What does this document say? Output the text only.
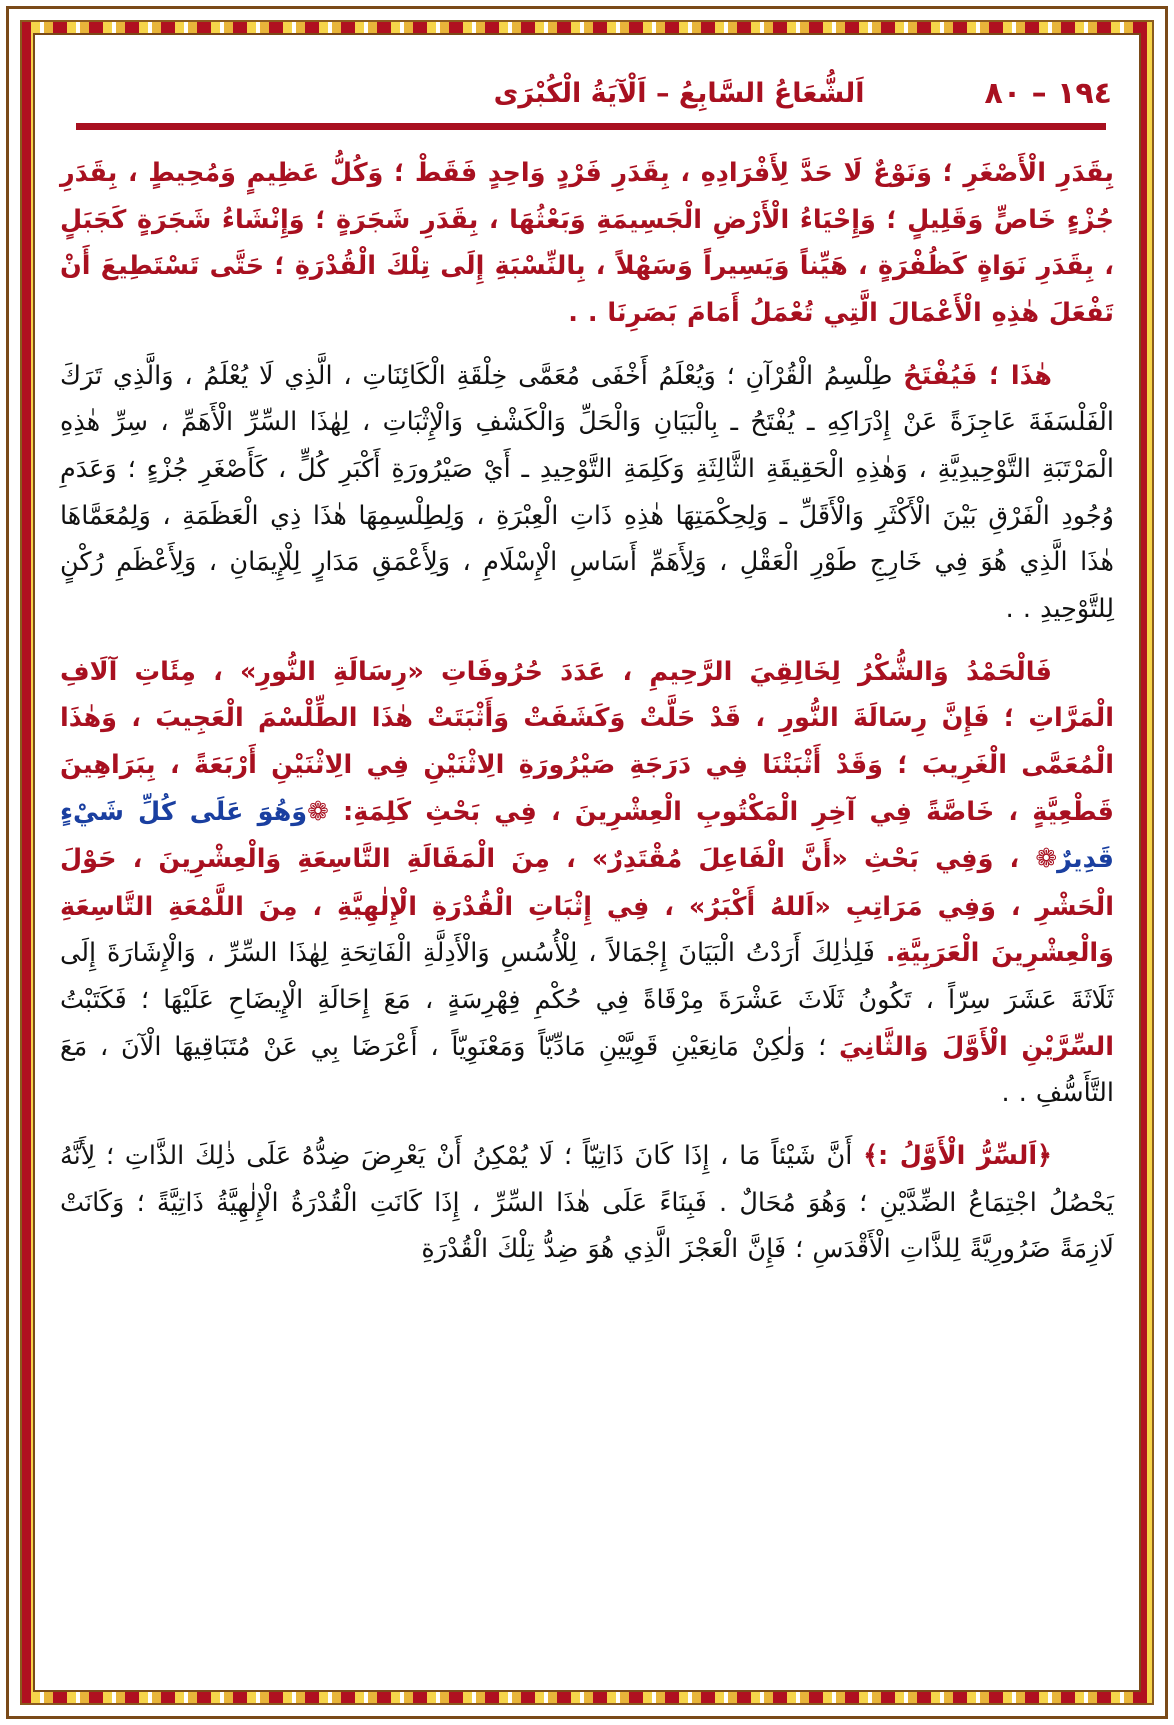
١٩٤ – ٨٠
اَلشُّعَاعُ السَّابِعُ – اَلْآيَةُ الْكُبْرَى

بِقَدَرِ الْأَصْغَرِ ؛ وَنَوْعٌ لَا حَدَّ لِأَفْرَادِهِ ، بِقَدَرِ فَرْدٍ وَاحِدٍ فَقَطْ ؛ وَكُلُّ عَظِيمٍ وَمُحِيطٍ ، بِقَدَرِ جُزْءٍ خَاصٍّ وَقَلِيلٍ ؛ وَإِحْيَاءُ الْأَرْضِ الْجَسِيمَةِ وَبَعْثُهَا ، بِقَدَرِ شَجَرَةٍ ؛ وَإِنْشَاءُ شَجَرَةٍ كَجَبَلٍ ، بِقَدَرِ نَوَاةٍ كَظُفْرَةٍ ، هَيِّناً وَيَسِيراً وَسَهْلاً ، بِالنِّسْبَةِ إِلَى تِلْكَ الْقُدْرَةِ ؛ حَتَّى تَسْتَطِيعَ أَنْ تَفْعَلَ هٰذِهِ الْأَعْمَالَ الَّتِي تُعْمَلُ أَمَامَ بَصَرِنَا . .

هٰذَا ؛ فَيُفْتَحُ طِلْسِمُ الْقُرْآنِ ؛ وَيُعْلَمُ أَخْفَى مُعَمَّى خِلْقَةِ الْكَائِنَاتِ ، الَّذِي لَا يُعْلَمُ ، وَالَّذِي تَرَكَ الْفَلْسَفَةَ عَاجِزَةً عَنْ إِدْرَاكِهِ ـ يُفْتَحُ ـ بِالْبَيَانِ وَالْحَلِّ وَالْكَشْفِ وَالْإِثْبَاتِ ، لِهٰذَا السِّرِّ الْأَهَمِّ ، سِرِّ هٰذِهِ الْمَرْتَبَةِ التَّوْحِيدِيَّةِ ، وَهٰذِهِ الْحَقِيقَةِ الثَّالِثَةِ وَكَلِمَةِ التَّوْحِيدِ ـ أَيْ صَيْرُورَةِ أَكْبَرِ كُلٍّ ، كَأَصْغَرِ جُزْءٍ ؛ وَعَدَمِ وُجُودِ الْفَرْقِ بَيْنَ الْأَكْثَرِ وَالْأَقَلِّ ـ وَلِحِكْمَتِهَا هٰذِهِ ذَاتِ الْعِبْرَةِ ، وَلِطِلْسِمِهَا هٰذَا ذِي الْعَظَمَةِ ، وَلِمُعَمَّاهَا هٰذَا الَّذِي هُوَ فِي خَارِجِ طَوْرِ الْعَقْلِ ، وَلِأَهَمِّ أَسَاسِ الْإِسْلَامِ ، وَلِأَعْمَقِ مَدَارٍ لِلْإِيمَانِ ، وَلِأَعْظَمِ رُكْنٍ لِلتَّوْحِيدِ . .

فَالْحَمْدُ وَالشُّكْرُ لِخَالِقِيَ الرَّحِيمِ ، عَدَدَ حُرُوفَاتِ «رِسَالَةِ النُّورِ» ، مِئَاتِ آلَافِ الْمَرَّاتِ ؛ فَإِنَّ رِسَالَةَ النُّورِ ، قَدْ حَلَّتْ وَكَشَفَتْ وَأَثْبَتَتْ هٰذَا الطِّلْسْمَ الْعَجِيبَ ، وَهٰذَا الْمُعَمَّى الْغَرِيبَ ؛ وَقَدْ أَثْبَتْنَا فِي دَرَجَةِ صَيْرُورَةِ الِاثْنَيْنِ فِي الِاثْنَيْنِ أَرْبَعَةً ، بِبَرَاهِينَ قَطْعِيَّةٍ ، خَاصَّةً فِي آخِرِ الْمَكْتُوبِ الْعِشْرِينَ ، فِي بَحْثِ كَلِمَةِ: ❁وَهُوَ عَلَى كُلِّ شَيْءٍ قَدِيرٌ❁ ، وَفِي بَحْثِ «أَنَّ الْفَاعِلَ مُقْتَدِرٌ» ، مِنَ الْمَقَالَةِ التَّاسِعَةِ وَالْعِشْرِينَ ، حَوْلَ الْحَشْرِ ، وَفِي مَرَاتِبِ «اَللهُ أَكْبَرُ» ، فِي إِثْبَاتِ الْقُدْرَةِ الْإِلٰهِيَّةِ ، مِنَ اللَّمْعَةِ التَّاسِعَةِ وَالْعِشْرِينَ الْعَرَبِيَّةِ. فَلِذٰلِكَ أَرَدْتُ الْبَيَانَ إِجْمَالاً ، لِلْأُسُسِ وَالْأَدِلَّةِ الْفَاتِحَةِ لِهٰذَا السِّرِّ ، وَالْإِشَارَةَ إِلَى ثَلَاثَةَ عَشَرَ سِرّاً ، تَكُونُ ثَلَاثَ عَشْرَةَ مِرْقَاةً فِي حُكْمِ فِهْرِسَةٍ ، مَعَ إِحَالَةِ الْإِيضَاحِ عَلَيْهَا ؛ فَكَتَبْتُ السِّرَّيْنِ الْأَوَّلَ وَالثَّانِيَ ؛ وَلٰكِنْ مَانِعَيْنِ قَوِيَّيْنِ مَادِّيّاً وَمَعْنَوِيّاً ، أَعْرَضَا بِي عَنْ مُتَبَاقِيهَا الْآنَ ، مَعَ التَّأَسُّفِ . .

﴿اَلسِّرُّ الْأَوَّلُ :﴾ أَنَّ شَيْئاً مَا ، إِذَا كَانَ ذَاتِيّاً ؛ لَا يُمْكِنُ أَنْ يَعْرِضَ ضِدُّهُ عَلَى ذٰلِكَ الذَّاتِ ؛ لِأَنَّهُ يَحْصُلُ اجْتِمَاعُ الضِّدَّيْنِ ؛ وَهُوَ مُحَالٌ . فَبِنَاءً عَلَى هٰذَا السِّرِّ ، إِذَا كَانَتِ الْقُدْرَةُ الْإِلٰهِيَّةُ ذَاتِيَّةً ؛ وَكَانَتْ لَازِمَةً ضَرُورِيَّةً لِلذَّاتِ الْأَقْدَسِ ؛ فَإِنَّ الْعَجْزَ الَّذِي هُوَ ضِدُّ تِلْكَ الْقُدْرَةِ
